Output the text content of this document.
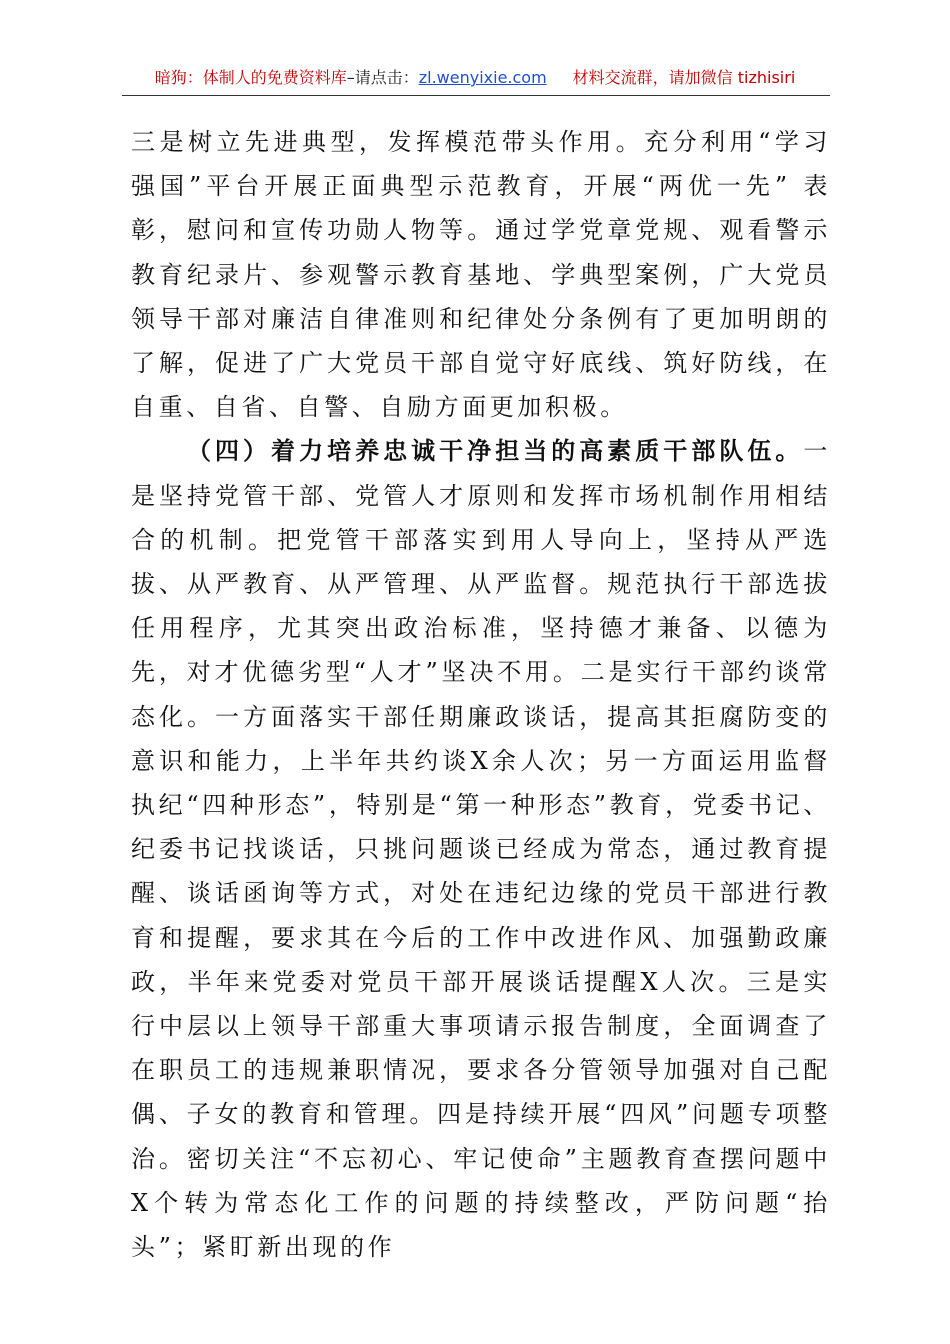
暗狗：体制人的免费资料库–请点击：zl.wenyixie.com 材料交流群，请加微信 tizhisiri

三是树立先进典型，发挥模范带头作用。充分利用“学习强国”平台开展正面典型示范教育，开展“两优一先” 表彰，慰问和宣传功勋人物等。通过学党章党规、观看警示教育纪录片、参观警示教育基地、学典型案例，广大党员领导干部对廉洁自律准则和纪律处分条例有了更加明朗的了解，促进了广大党员干部自觉守好底线、筑好防线，在自重、自省、自警、自励方面更加积极。

（四）着力培养忠诚干净担当的高素质干部队伍。一是坚持党管干部、党管人才原则和发挥市场机制作用相结合的机制。把党管干部落实到用人导向上，坚持从严选拔、从严教育、从严管理、从严监督。规范执行干部选拔任用程序，尤其突出政治标准，坚持德才兼备、以德为先，对才优德劣型“人才”坚决不用。二是实行干部约谈常态化。一方面落实干部任期廉政谈话，提高其拒腐防变的意识和能力，上半年共约谈X余人次；另一方面运用监督执纪“四种形态”，特别是“第一种形态”教育，党委书记、纪委书记找谈话，只挑问题谈已经成为常态，通过教育提醒、谈话函询等方式，对处在违纪边缘的党员干部进行教育和提醒，要求其在今后的工作中改进作风、加强勤政廉政，半年来党委对党员干部开展谈话提醒X人次。三是实行中层以上领导干部重大事项请示报告制度，全面调查了在职员工的违规兼职情况，要求各分管领导加强对自己配偶、子女的教育和管理。四是持续开展“四风”问题专项整治。密切关注“不忘初心、牢记使命”主题教育查摆问题中X个转为常态化工作的问题的持续整改，严防问题“抬头”；紧盯新出现的作
